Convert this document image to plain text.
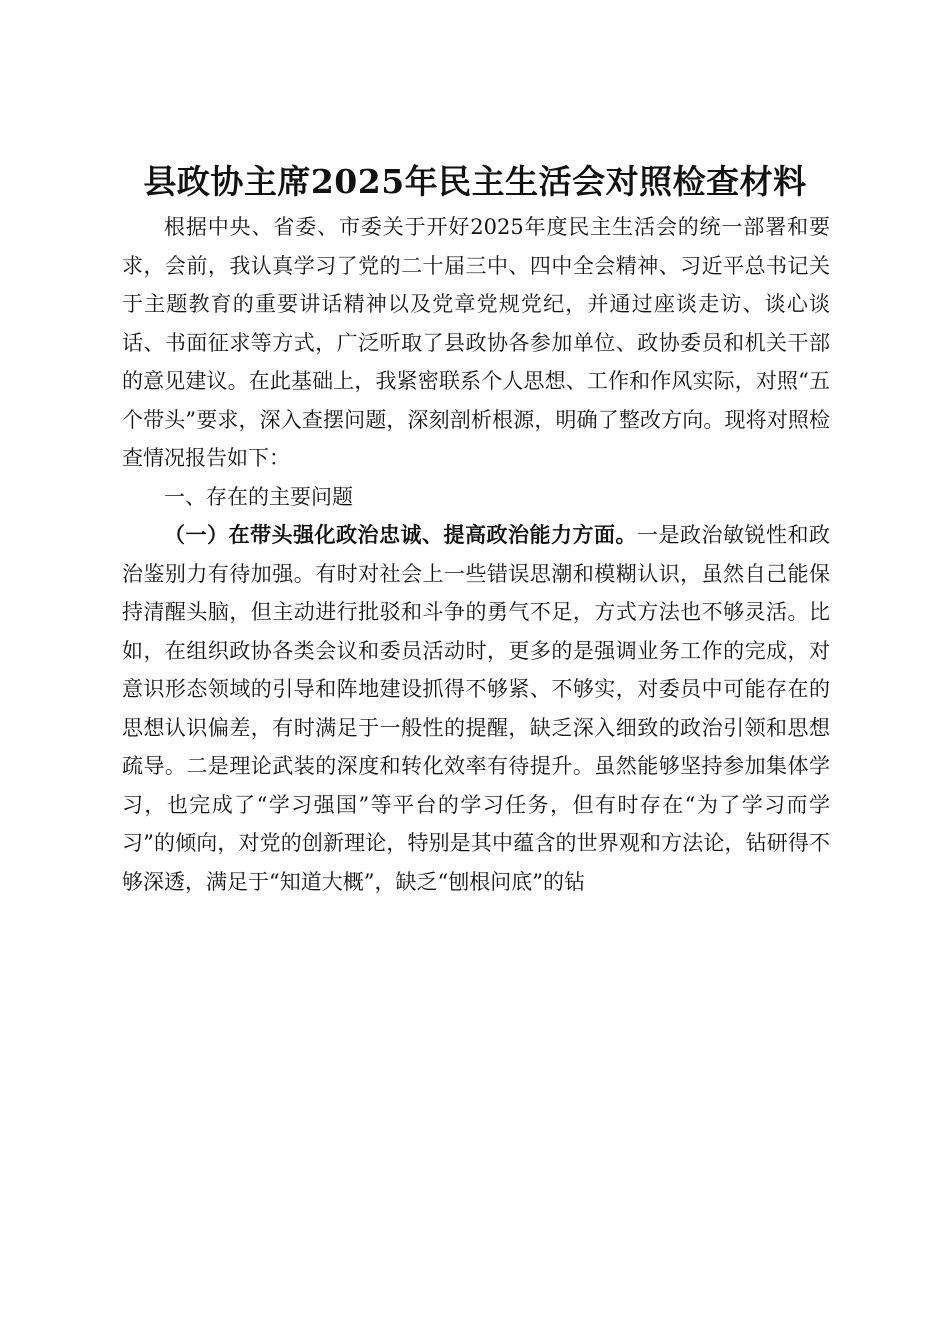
县政协主席2025年民主生活会对照检查材料

根据中央、省委、市委关于开好2025年度民主生活会的统一部署和要求，会前，我认真学习了党的二十届三中、四中全会精神、习近平总书记关于主题教育的重要讲话精神以及党章党规党纪，并通过座谈走访、谈心谈话、书面征求等方式，广泛听取了县政协各参加单位、政协委员和机关干部的意见建议。在此基础上，我紧密联系个人思想、工作和作风实际，对照“五个带头”要求，深入查摆问题，深刻剖析根源，明确了整改方向。现将对照检查情况报告如下：

一、存在的主要问题

（一）在带头强化政治忠诚、提高政治能力方面。一是政治敏锐性和政治鉴别力有待加强。有时对社会上一些错误思潮和模糊认识，虽然自己能保持清醒头脑，但主动进行批驳和斗争的勇气不足，方式方法也不够灵活。比如，在组织政协各类会议和委员活动时，更多的是强调业务工作的完成，对意识形态领域的引导和阵地建设抓得不够紧、不够实，对委员中可能存在的思想认识偏差，有时满足于一般性的提醒，缺乏深入细致的政治引领和思想疏导。二是理论武装的深度和转化效率有待提升。虽然能够坚持参加集体学习，也完成了“学习强国”等平台的学习任务，但有时存在“为了学习而学习”的倾向，对党的创新理论，特别是其中蕴含的世界观和方法论，钻研得不够深透，满足于“知道大概”，缺乏“刨根问底”的钻
